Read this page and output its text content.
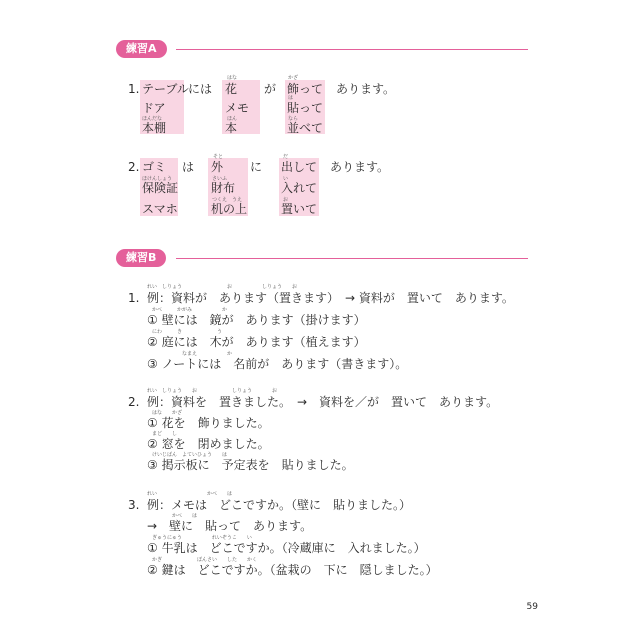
練習A
1. テーブル
ドア
ほんだな
本棚
には
はな
花
メモ
ほん
本
が
かざ
飾って
は
貼って
なら
並べて
あります。
2. ゴミ
ほけんしょう
保険証
スマホ
は
そと
外
さいふ
財布
つくえ　うえ
机の上
に
だ
出して
い
入れて
お
置いて
あります。
練習B
1.
れい　しりょう　　　　　　　　　お　　　　　　しりょう　　お
例：資料が　あります（置きます）　→ 資料が　置いて　あります。
かべ　　　かがみ　　　　　　か
① 壁には　鏡が　あります（掛けます）
にわ　　　き　　　　　　　う
② 庭には　木が　あります（植えます）
　　　　　　なまえ　　　　　　か
③ ノートには　名前が　あります（書きます）。
2.
れい　しりょう　　お　　　　　　　しりょう　　　　お
例：資料を　置きました。　→　資料を／が　置いて　あります。
はな　　かざ
① 花を　飾りました。
まど　　し
② 窓を　閉めました。
けいじばん　よていひょう　　は
③ 掲示板に　予定表を　貼りました。
3.
れい　　　　　　　　　　かべ　　は
例：メモは　どこですか。（壁に　貼りました。）
かべ　　は
→　壁に　貼って　あります。
ぎゅうにゅう　　　　　　れいぞうこ　　い
① 牛乳は　どこですか。（冷蔵庫に　入れました。）
かぎ　　　　　　　ぼんさい　　した　　かく
② 鍵は　どこですか。（盆栽の　下に　隠しました。）
59
